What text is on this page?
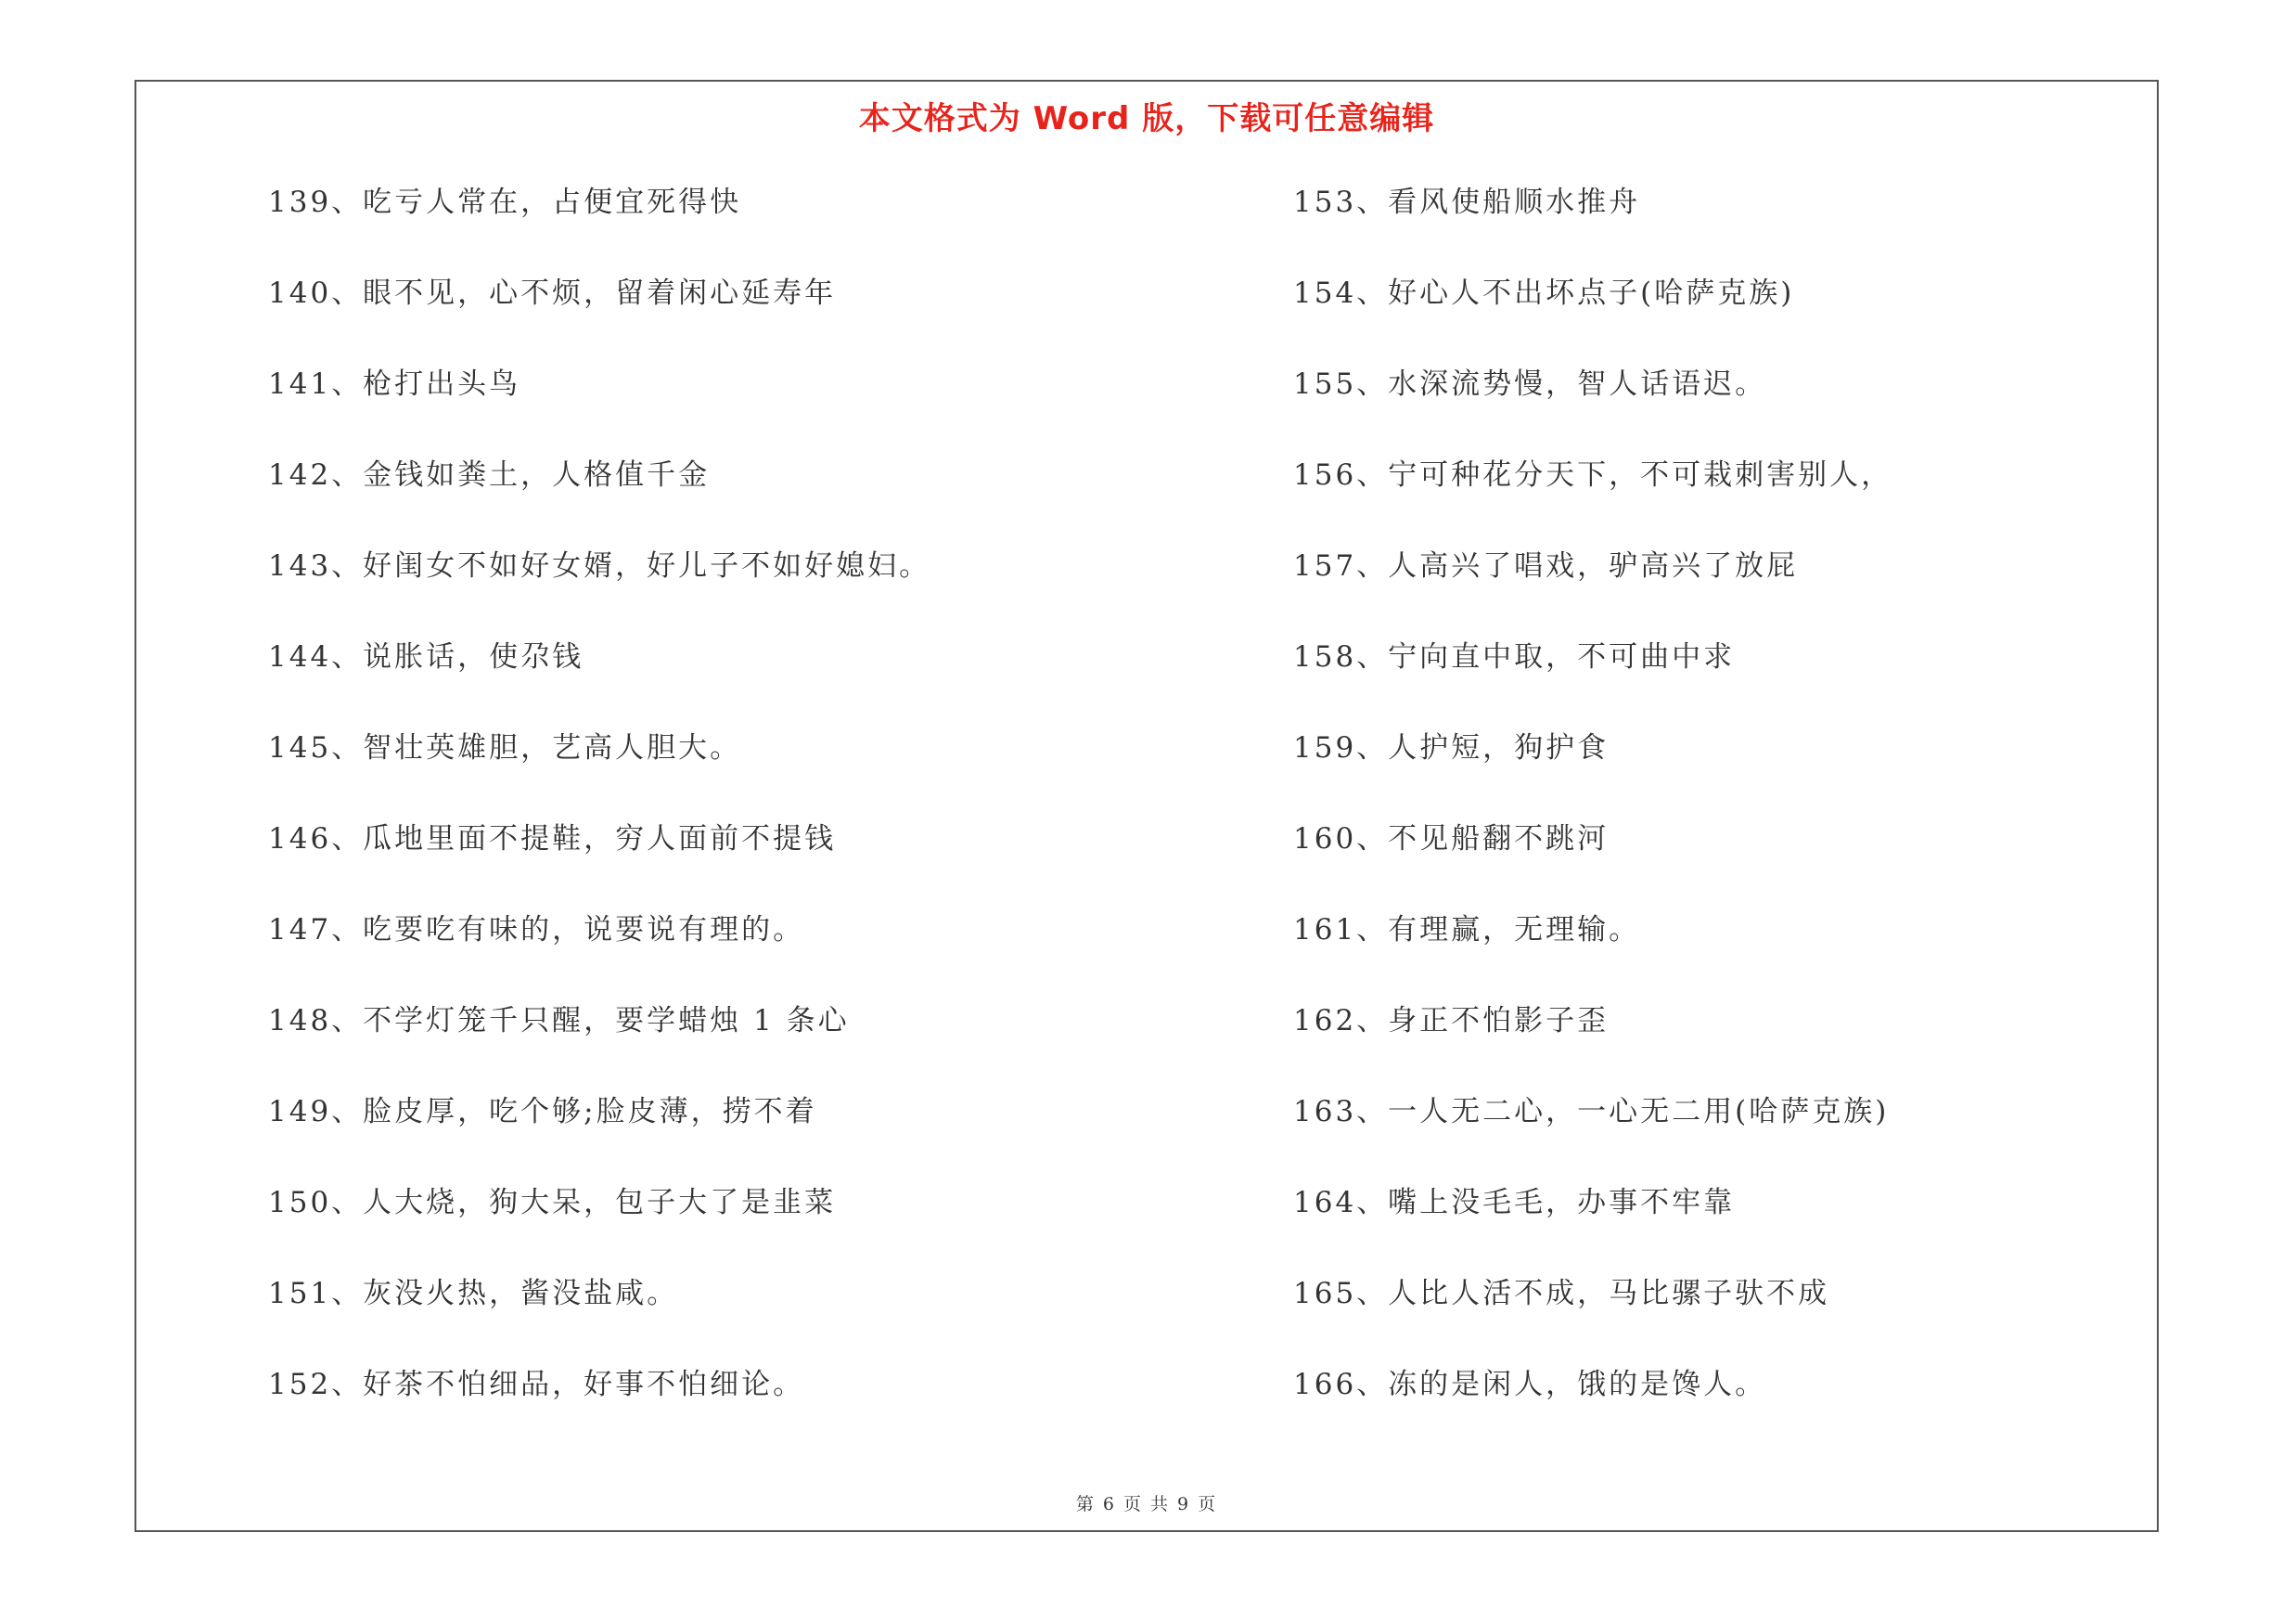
本文格式为 Word 版，下载可任意编辑
139、吃亏人常在，占便宜死得快
140、眼不见，心不烦，留着闲心延寿年
141、枪打出头鸟
142、金钱如粪土，人格值千金
143、好闺女不如好女婿，好儿子不如好媳妇。
144、说胀话，使尕钱
145、智壮英雄胆，艺高人胆大。
146、瓜地里面不提鞋，穷人面前不提钱
147、吃要吃有味的，说要说有理的。
148、不学灯笼千只醒，要学蜡烛 1 条心
149、脸皮厚，吃个够;脸皮薄，捞不着
150、人大烧，狗大呆，包子大了是韭菜
151、灰没火热，酱没盐咸。
152、好茶不怕细品，好事不怕细论。
153、看风使船顺水推舟
154、好心人不出坏点子(哈萨克族)
155、水深流势慢，智人话语迟。
156、宁可种花分天下，不可栽刺害别人，
157、人高兴了唱戏，驴高兴了放屁
158、宁向直中取，不可曲中求
159、人护短，狗护食
160、不见船翻不跳河
161、有理赢，无理输。
162、身正不怕影子歪
163、一人无二心，一心无二用(哈萨克族)
164、嘴上没毛毛，办事不牢靠
165、人比人活不成，马比骡子驮不成
166、冻的是闲人，饿的是馋人。
第 6 页 共 9 页
